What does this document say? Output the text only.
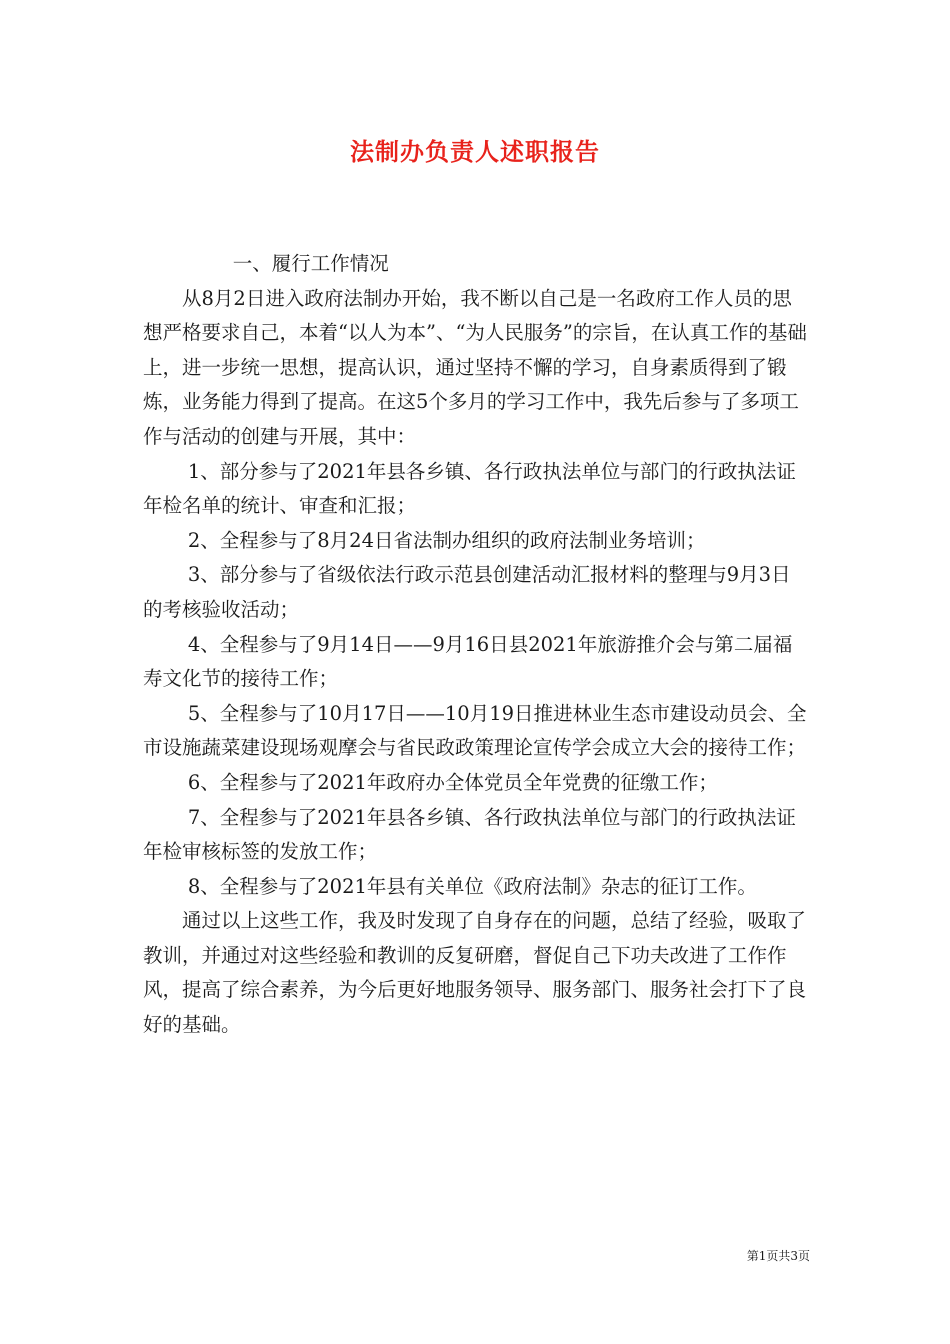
法制办负责人述职报告

一、履行工作情况

从8月2日进入政府法制办开始，我不断以自己是一名政府工作人员的思想严格要求自己，本着“以人为本”、“为人民服务”的宗旨，在认真工作的基础上，进一步统一思想，提高认识，通过坚持不懈的学习，自身素质得到了锻炼，业务能力得到了提高。在这5个多月的学习工作中，我先后参与了多项工作与活动的创建与开展，其中：

1、部分参与了2021年县各乡镇、各行政执法单位与部门的行政执法证年检名单的统计、审查和汇报；

2、全程参与了8月24日省法制办组织的政府法制业务培训；

3、部分参与了省级依法行政示范县创建活动汇报材料的整理与9月3日的考核验收活动；

4、全程参与了9月14日——9月16日县2021年旅游推介会与第二届福寿文化节的接待工作；

5、全程参与了10月17日——10月19日推进林业生态市建设动员会、全市设施蔬菜建设现场观摩会与省民政政策理论宣传学会成立大会的接待工作；

6、全程参与了2021年政府办全体党员全年党费的征缴工作；

7、全程参与了2021年县各乡镇、各行政执法单位与部门的行政执法证年检审核标签的发放工作；

8、全程参与了2021年县有关单位《政府法制》杂志的征订工作。

通过以上这些工作，我及时发现了自身存在的问题，总结了经验，吸取了教训，并通过对这些经验和教训的反复研磨，督促自己下功夫改进了工作作风，提高了综合素养，为今后更好地服务领导、服务部门、服务社会打下了良好的基础。

第1页共3页
